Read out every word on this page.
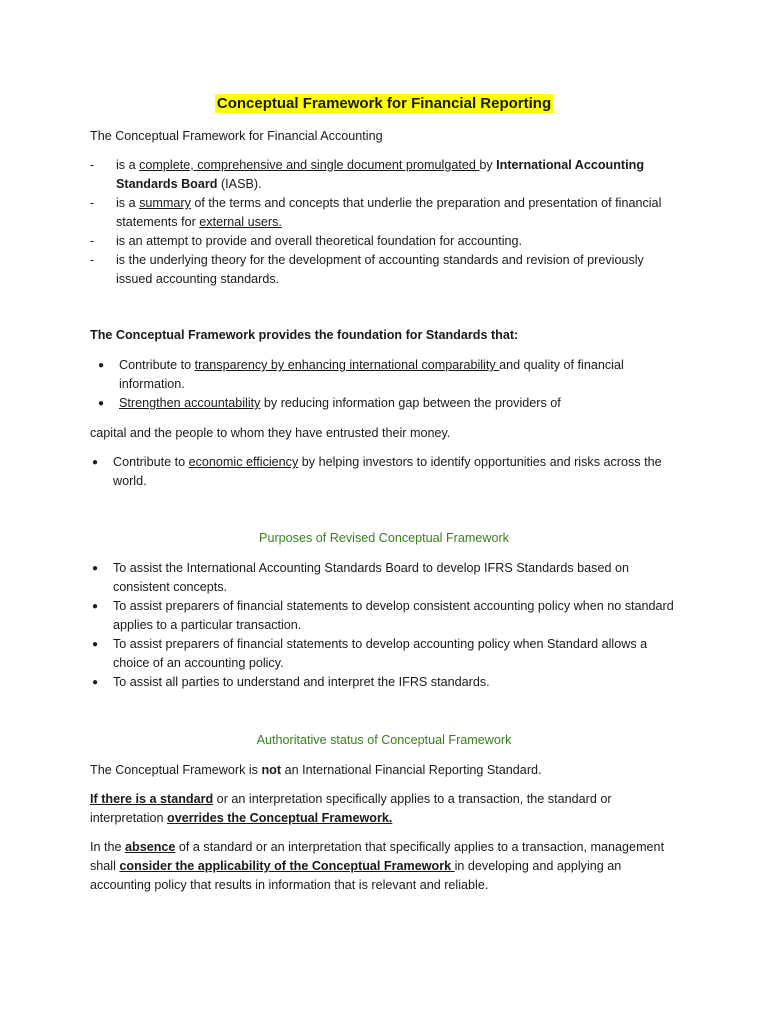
Conceptual Framework for Financial Reporting
The Conceptual Framework for Financial Accounting
- is a complete, comprehensive and single document promulgated by International Accounting Standards Board (IASB).
- is a summary of the terms and concepts that underlie the preparation and presentation of financial statements for external users.
- is an attempt to provide and overall theoretical foundation for accounting.
- is the underlying theory for the development of accounting standards and revision of previously issued accounting standards.
The Conceptual Framework provides the foundation for Standards that:
● Contribute to transparency by enhancing international comparability and quality of financial information.
● Strengthen accountability by reducing information gap between the providers of
capital and the people to whom they have entrusted their money.
● Contribute to economic efficiency by helping investors to identify opportunities and risks across the world.
Purposes of Revised Conceptual Framework
● To assist the International Accounting Standards Board to develop IFRS Standards based on consistent concepts.
● To assist preparers of financial statements to develop consistent accounting policy when no standard applies to a particular transaction.
● To assist preparers of financial statements to develop accounting policy when Standard allows a choice of an accounting policy.
● To assist all parties to understand and interpret the IFRS standards.
Authoritative status of Conceptual Framework

The Conceptual Framework is not an International Financial Reporting Standard.

If there is a standard or an interpretation specifically applies to a transaction, the standard or interpretation overrides the Conceptual Framework.

In the absence of a standard or an interpretation that specifically applies to a transaction, management shall consider the applicability of the Conceptual Framework in developing and applying an accounting policy that results in information that is relevant and reliable.
